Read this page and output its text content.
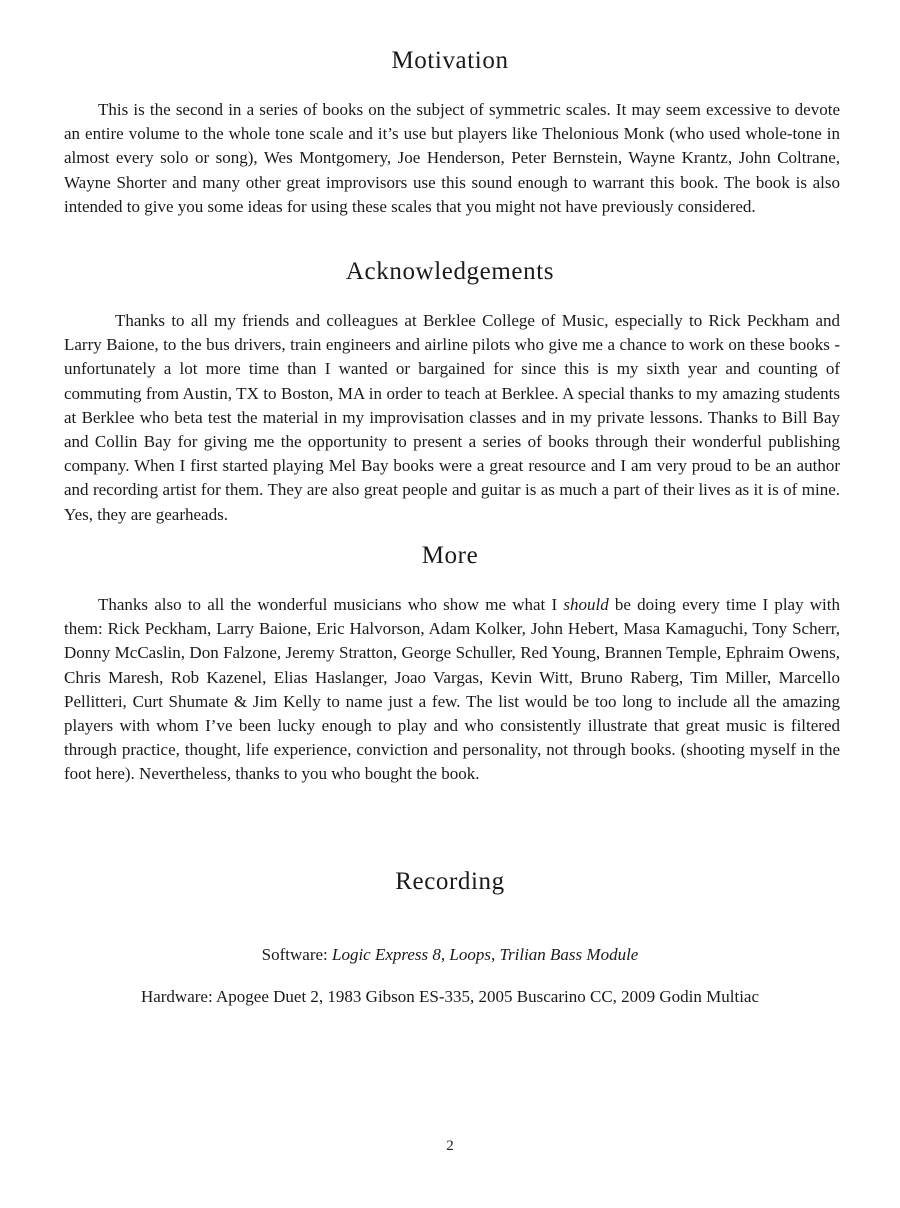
Motivation

This is the second in a series of books on the subject of symmetric scales. It may seem excessive to devote an entire volume to the whole tone scale and it’s use but players like Thelonious Monk (who used whole-tone in almost every solo or song), Wes Montgomery, Joe Henderson, Peter Bernstein, Wayne Krantz, John Coltrane, Wayne Shorter and many other great improvisors use this sound enough to warrant this book. The book is also intended to give you some ideas for using these scales that you might not have previously considered.

Acknowledgements

Thanks to all my friends and colleagues at Berklee College of Music, especially to Rick Peckham and Larry Baione, to the bus drivers, train engineers and airline pilots who give me a chance to work on these books - unfortunately a lot more time than I wanted or bargained for since this is my sixth year and counting of commuting from Austin, TX to Boston, MA in order to teach at Berklee. A special thanks to my amazing students at Berklee who beta test the material in my improvisation classes and in my private lessons. Thanks to Bill Bay and Collin Bay for giving me the opportunity to present a series of books through their wonderful publishing company. When I first started playing Mel Bay books were a great resource and I am very proud to be an author and recording artist for them. They are also great people and guitar is as much a part of their lives as it is of mine. Yes, they are gearheads.

More

Thanks also to all the wonderful musicians who show me what I should be doing every time I play with them: Rick Peckham, Larry Baione, Eric Halvorson, Adam Kolker, John Hebert, Masa Kamaguchi, Tony Scherr, Donny McCaslin, Don Falzone, Jeremy Stratton, George Schuller, Red Young, Brannen Temple, Ephraim Owens, Chris Maresh, Rob Kazenel, Elias Haslanger, Joao Vargas, Kevin Witt, Bruno Raberg, Tim Miller, Marcello Pellitteri, Curt Shumate & Jim Kelly to name just a few. The list would be too long to include all the amazing players with whom I’ve been lucky enough to play and who consistently illustrate that great music is filtered through practice, thought, life experience, conviction and personality, not through books. (shooting myself in the foot here). Nevertheless, thanks to you who bought the book.

Recording

Software: Logic Express 8, Loops, Trilian Bass Module

Hardware: Apogee Duet 2, 1983 Gibson ES-335, 2005 Buscarino CC, 2009 Godin Multiac

2
